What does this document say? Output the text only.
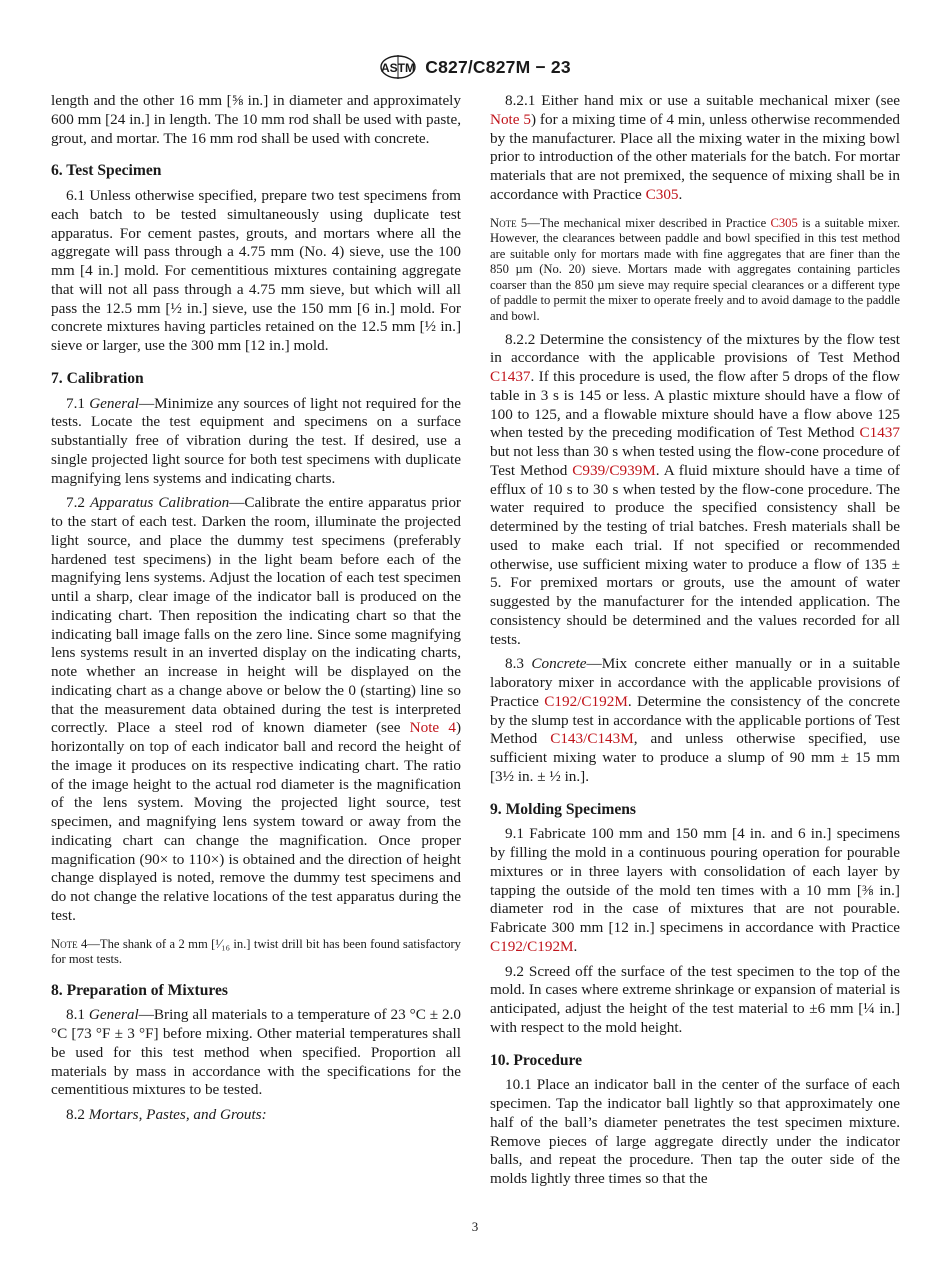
ASTM C827/C827M − 23

length and the other 16 mm [⅝ in.] in diameter and approximately 600 mm [24 in.] in length. The 10 mm rod shall be used with paste, grout, and mortar. The 16 mm rod shall be used with concrete.

6. Test Specimen

6.1 Unless otherwise specified, prepare two test specimens from each batch to be tested simultaneously using duplicate test apparatus. For cement pastes, grouts, and mortars where all the aggregate will pass through a 4.75 mm (No. 4) sieve, use the 100 mm [4 in.] mold. For cementitious mixtures containing aggregate that will not all pass through a 4.75 mm sieve, but which will all pass the 12.5 mm [½ in.] sieve, use the 150 mm [6 in.] mold. For concrete mixtures having particles retained on the 12.5 mm [½ in.] sieve or larger, use the 300 mm [12 in.] mold.

7. Calibration

7.1 General—Minimize any sources of light not required for the tests. Locate the test equipment and specimens on a surface substantially free of vibration during the test. If desired, use a single projected light source for both test specimens with duplicate magnifying lens systems and indicating charts.

7.2 Apparatus Calibration—Calibrate the entire apparatus prior to the start of each test. Darken the room, illuminate the projected light source, and place the dummy test specimens (preferably hardened test specimens) in the light beam before each of the magnifying lens systems. Adjust the location of each test specimen until a sharp, clear image of the indicator ball is produced on the indicating chart. Then reposition the indicating chart so that the indicating ball image falls on the zero line. Since some magnifying lens systems result in an inverted display on the indicating charts, note whether an increase in height will be displayed on the indicating chart as a change above or below the 0 (starting) line so that the measurement data obtained during the test is interpreted correctly. Place a steel rod of known diameter (see Note 4) horizontally on top of each indicator ball and record the height of the image it produces on its respective indicating chart. The ratio of the image height to the actual rod diameter is the magnification of the lens system. Moving the projected light source, test specimen, and magnifying lens system toward or away from the indicating chart can change the magnification. Once proper magnification (90× to 110×) is obtained and the direction of height change displayed is noted, remove the dummy test specimens and do not change the relative locations of the test apparatus during the test.

Note 4—The shank of a 2 mm [¹⁄₁₆ in.] twist drill bit has been found satisfactory for most tests.

8. Preparation of Mixtures

8.1 General—Bring all materials to a temperature of 23 °C ± 2.0 °C [73 °F ± 3 °F] before mixing. Other material temperatures shall be used for this test method when specified. Proportion all materials by mass in accordance with the specifications for the cementitious mixtures to be tested.

8.2 Mortars, Pastes, and Grouts:

8.2.1 Either hand mix or use a suitable mechanical mixer (see Note 5) for a mixing time of 4 min, unless otherwise recommended by the manufacturer. Place all the mixing water in the mixing bowl prior to introduction of the other materials for the batch. For mortar materials that are not premixed, the sequence of mixing shall be in accordance with Practice C305.

Note 5—The mechanical mixer described in Practice C305 is a suitable mixer. However, the clearances between paddle and bowl specified in this test method are suitable only for mortars made with fine aggregates that are finer than the 850 µm (No. 20) sieve. Mortars made with aggregates containing particles coarser than the 850 µm sieve may require special clearances or a different type of paddle to permit the mixer to operate freely and to avoid damage to the paddle and bowl.

8.2.2 Determine the consistency of the mixtures by the flow test in accordance with the applicable provisions of Test Method C1437. If this procedure is used, the flow after 5 drops of the flow table in 3 s is 145 or less. A plastic mixture should have a flow of 100 to 125, and a flowable mixture should have a flow above 125 when tested by the preceding modification of Test Method C1437 but not less than 30 s when tested using the flow-cone procedure of Test Method C939/C939M. A fluid mixture should have a time of efflux of 10 s to 30 s when tested by the flow-cone procedure. The water required to produce the specified consistency shall be determined by the testing of trial batches. Fresh materials shall be used to make each trial. If not specified or recommended otherwise, use sufficient mixing water to produce a flow of 135 ± 5. For premixed mortars or grouts, use the amount of water suggested by the manufacturer for the intended application. The consistency should be determined and the values recorded for all tests.

8.3 Concrete—Mix concrete either manually or in a suitable laboratory mixer in accordance with the applicable provisions of Practice C192/C192M. Determine the consistency of the concrete by the slump test in accordance with the applicable portions of Test Method C143/C143M, and unless otherwise specified, use sufficient mixing water to produce a slump of 90 mm ± 15 mm [3½ in. ± ½ in.].

9. Molding Specimens

9.1 Fabricate 100 mm and 150 mm [4 in. and 6 in.] specimens by filling the mold in a continuous pouring operation for pourable mixtures or in three layers with consolidation of each layer by tapping the outside of the mold ten times with a 10 mm [⅜ in.] diameter rod in the case of mixtures that are not pourable. Fabricate 300 mm [12 in.] specimens in accordance with Practice C192/C192M.

9.2 Screed off the surface of the test specimen to the top of the mold. In cases where extreme shrinkage or expansion of material is anticipated, adjust the height of the test material to ±6 mm [¼ in.] with respect to the mold height.

10. Procedure

10.1 Place an indicator ball in the center of the surface of each specimen. Tap the indicator ball lightly so that approximately one half of the ball’s diameter penetrates the test specimen mixture. Remove pieces of large aggregate directly under the indicator balls, and repeat the procedure. Then tap the outer side of the molds lightly three times so that the

3
